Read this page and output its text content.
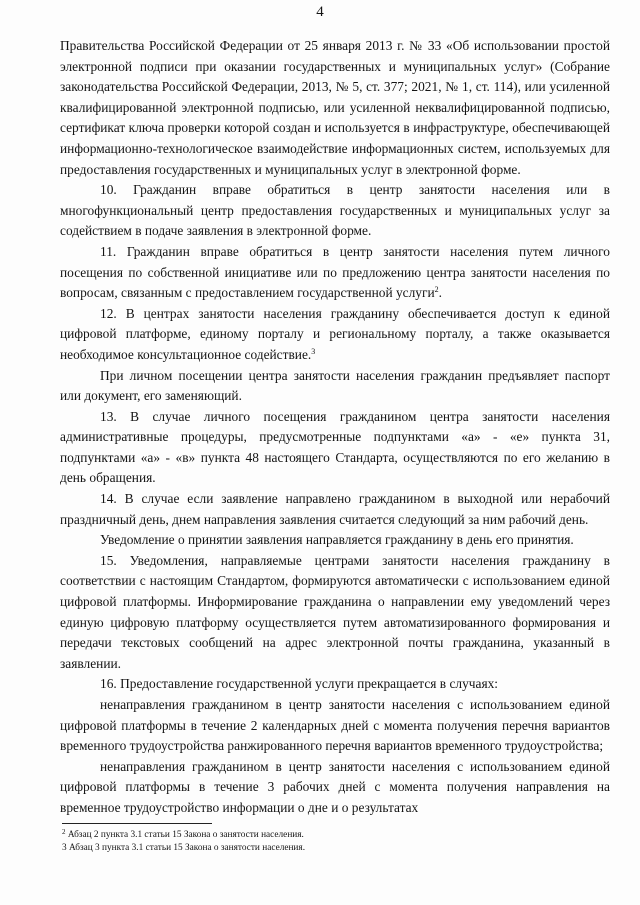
4

Правительства Российской Федерации от 25 января 2013 г. № 33 «Об использовании простой электронной подписи при оказании государственных и муниципальных услуг» (Собрание законодательства Российской Федерации, 2013, № 5, ст. 377; 2021, № 1, ст. 114), или усиленной квалифицированной электронной подписью, или усиленной неквалифицированной подписью, сертификат ключа проверки которой создан и используется в инфраструктуре, обеспечивающей информационно-технологическое взаимодействие информационных систем, используемых для предоставления государственных и муниципальных услуг в электронной форме.

10. Гражданин вправе обратиться в центр занятости населения или в многофункциональный центр предоставления государственных и муниципальных услуг за содействием в подаче заявления в электронной форме.

11. Гражданин вправе обратиться в центр занятости населения путем личного посещения по собственной инициативе или по предложению центра занятости населения по вопросам, связанным с предоставлением государственной услуги$^2$.

12. В центрах занятости населения гражданину обеспечивается доступ к единой цифровой платформе, единому порталу и региональному порталу, а также оказывается необходимое консультационное содействие.$^3$

При личном посещении центра занятости населения гражданин предъявляет паспорт или документ, его заменяющий.

13. В случае личного посещения гражданином центра занятости населения административные процедуры, предусмотренные подпунктами «а» - «е» пункта 31, подпунктами «а» - «в» пункта 48 настоящего Стандарта, осуществляются по его желанию в день обращения.

14. В случае если заявление направлено гражданином в выходной или нерабочий праздничный день, днем направления заявления считается следующий за ним рабочий день.

Уведомление о принятии заявления направляется гражданину в день его принятия.

15. Уведомления, направляемые центрами занятости населения гражданину в соответствии с настоящим Стандартом, формируются автоматически с использованием единой цифровой платформы. Информирование гражданина о направлении ему уведомлений через единую цифровую платформу осуществляется путем автоматизированного формирования и передачи текстовых сообщений на адрес электронной почты гражданина, указанный в заявлении.

16. Предоставление государственной услуги прекращается в случаях:

ненаправления гражданином в центр занятости населения с использованием единой цифровой платформы в течение 2 календарных дней с момента получения перечня вариантов временного трудоустройства ранжированного перечня вариантов временного трудоустройства;

ненаправления гражданином в центр занятости населения с использованием единой цифровой платформы в течение 3 рабочих дней с момента получения направления на временное трудоустройство информации о дне и о результатах

$^2$ Абзац 2 пункта 3.1 статьи 15 Закона о занятости населения.

3 Абзац 3 пункта 3.1 статьи 15 Закона о занятости населения.
